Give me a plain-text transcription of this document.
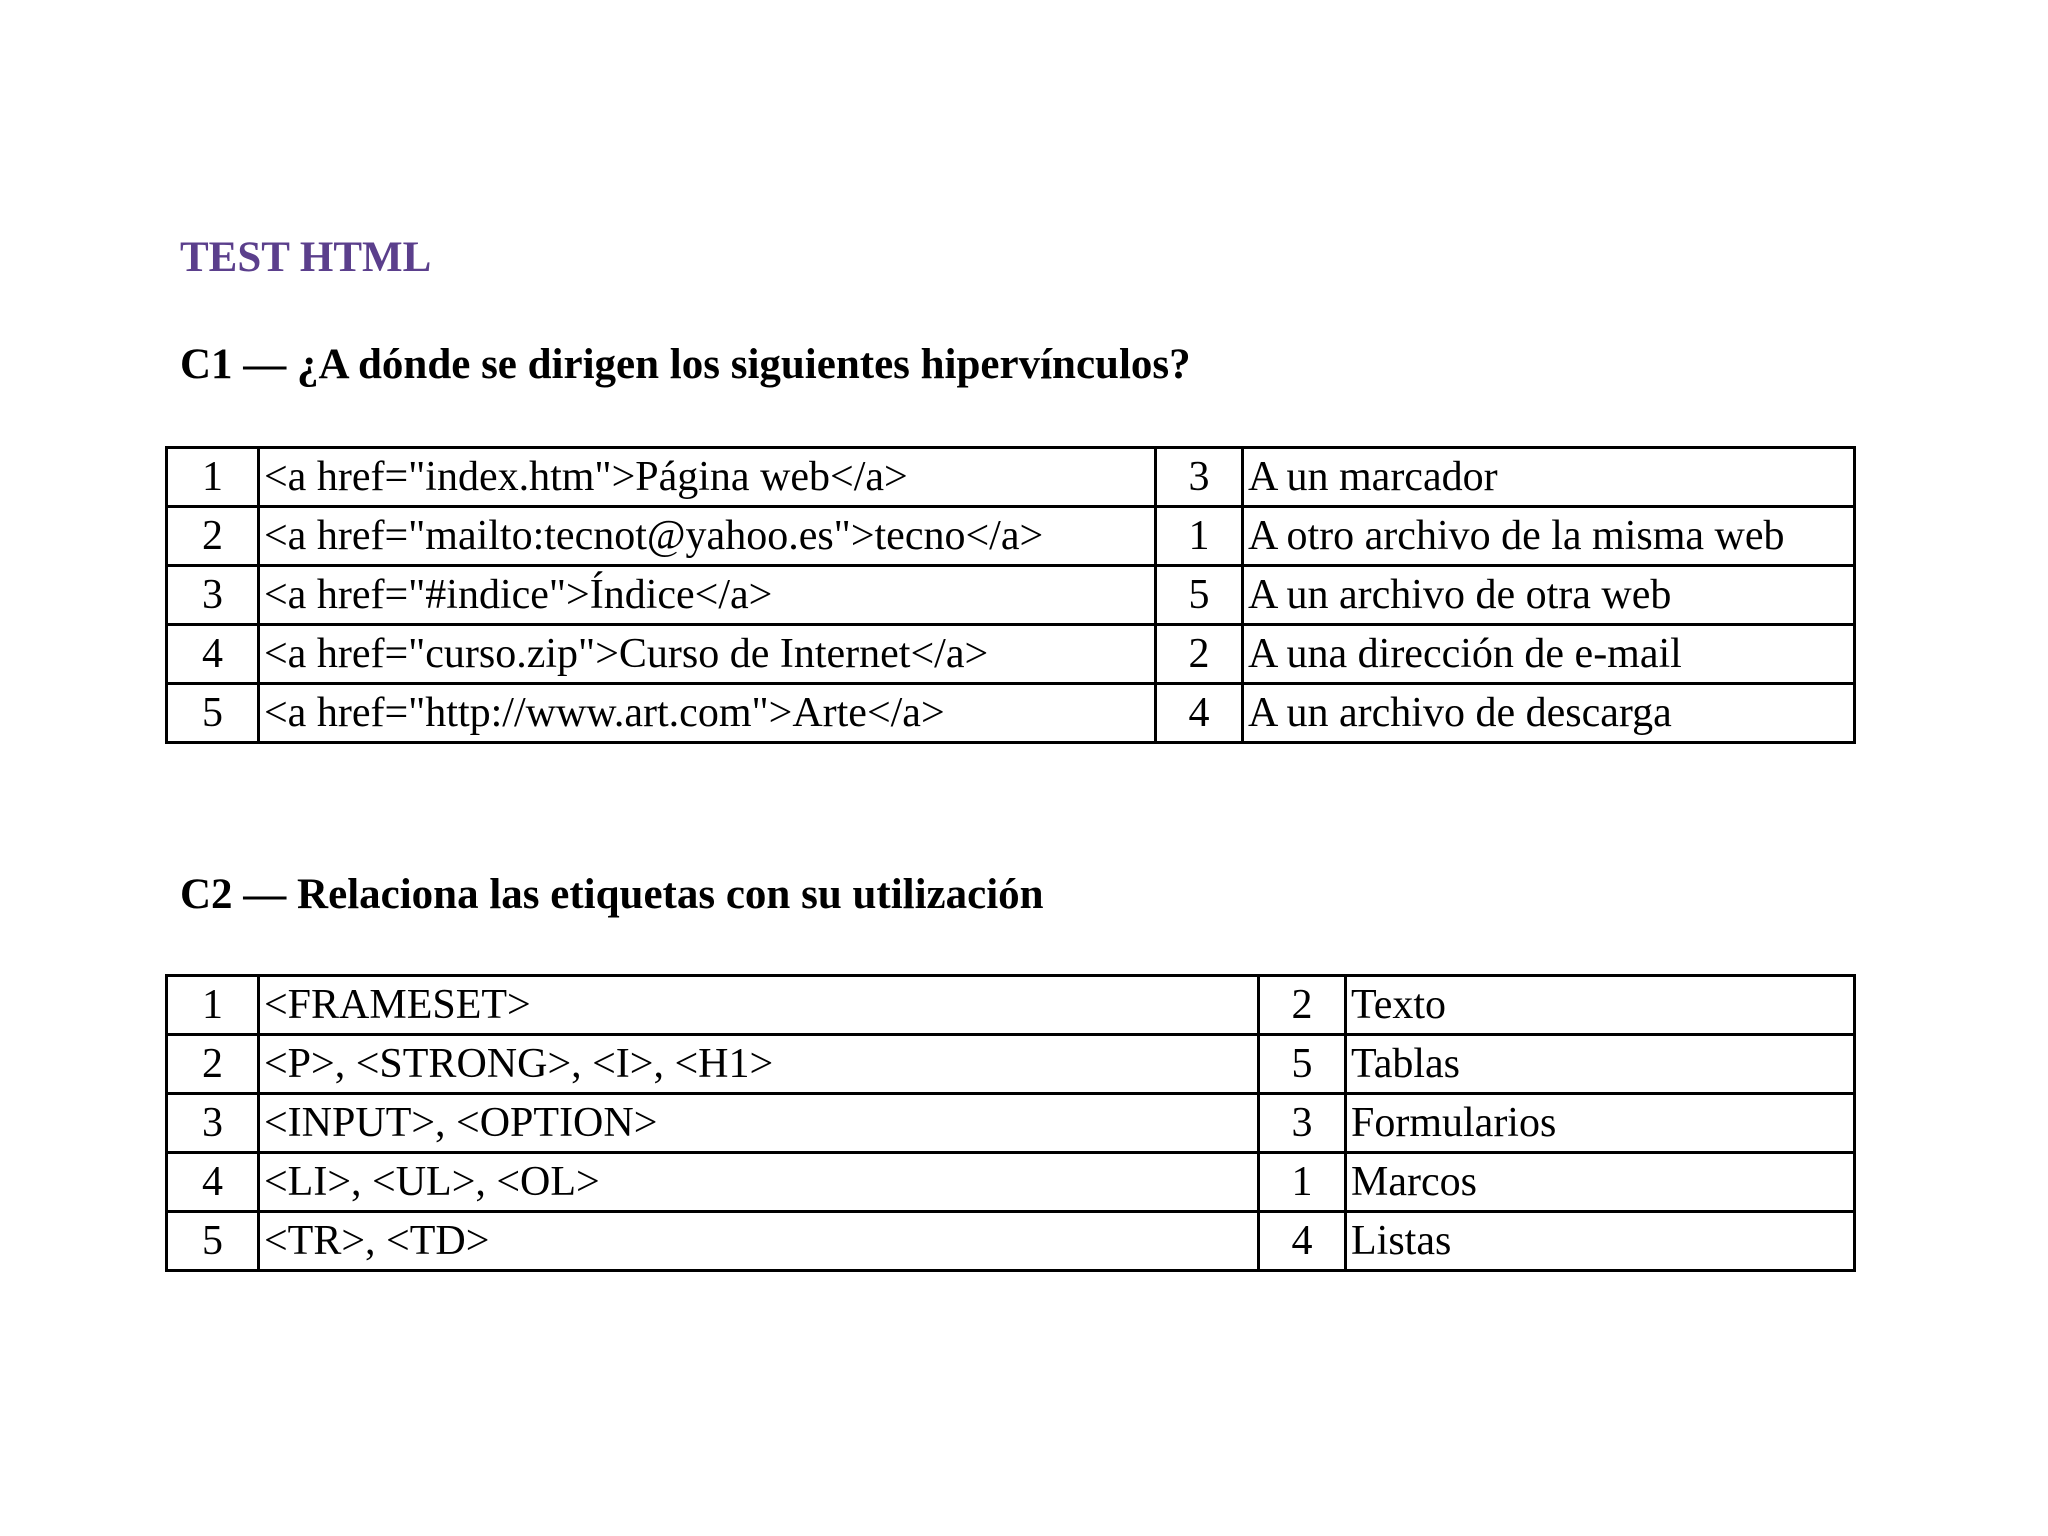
TEST HTML
C1 — ¿A dónde se dirigen los siguientes hipervínculos?
1	<a href="index.htm">Página web</a>	3	A un marcador
2	<a href="mailto:tecnot@yahoo.es">tecno</a>	1	A otro archivo de la misma web
3	<a href="#indice">Índice</a>	5	A un archivo de otra web
4	<a href="curso.zip">Curso de Internet</a>	2	A una dirección de e-mail
5	<a href="http://www.art.com">Arte</a>	4	A un archivo de descarga
C2 — Relaciona las etiquetas con su utilización
1	<FRAMESET>	2	Texto
2	<P>, <STRONG>, <I>, <H1>	5	Tablas
3	<INPUT>, <OPTION>	3	Formularios
4	<LI>, <UL>, <OL>	1	Marcos
5	<TR>, <TD>	4	Listas
